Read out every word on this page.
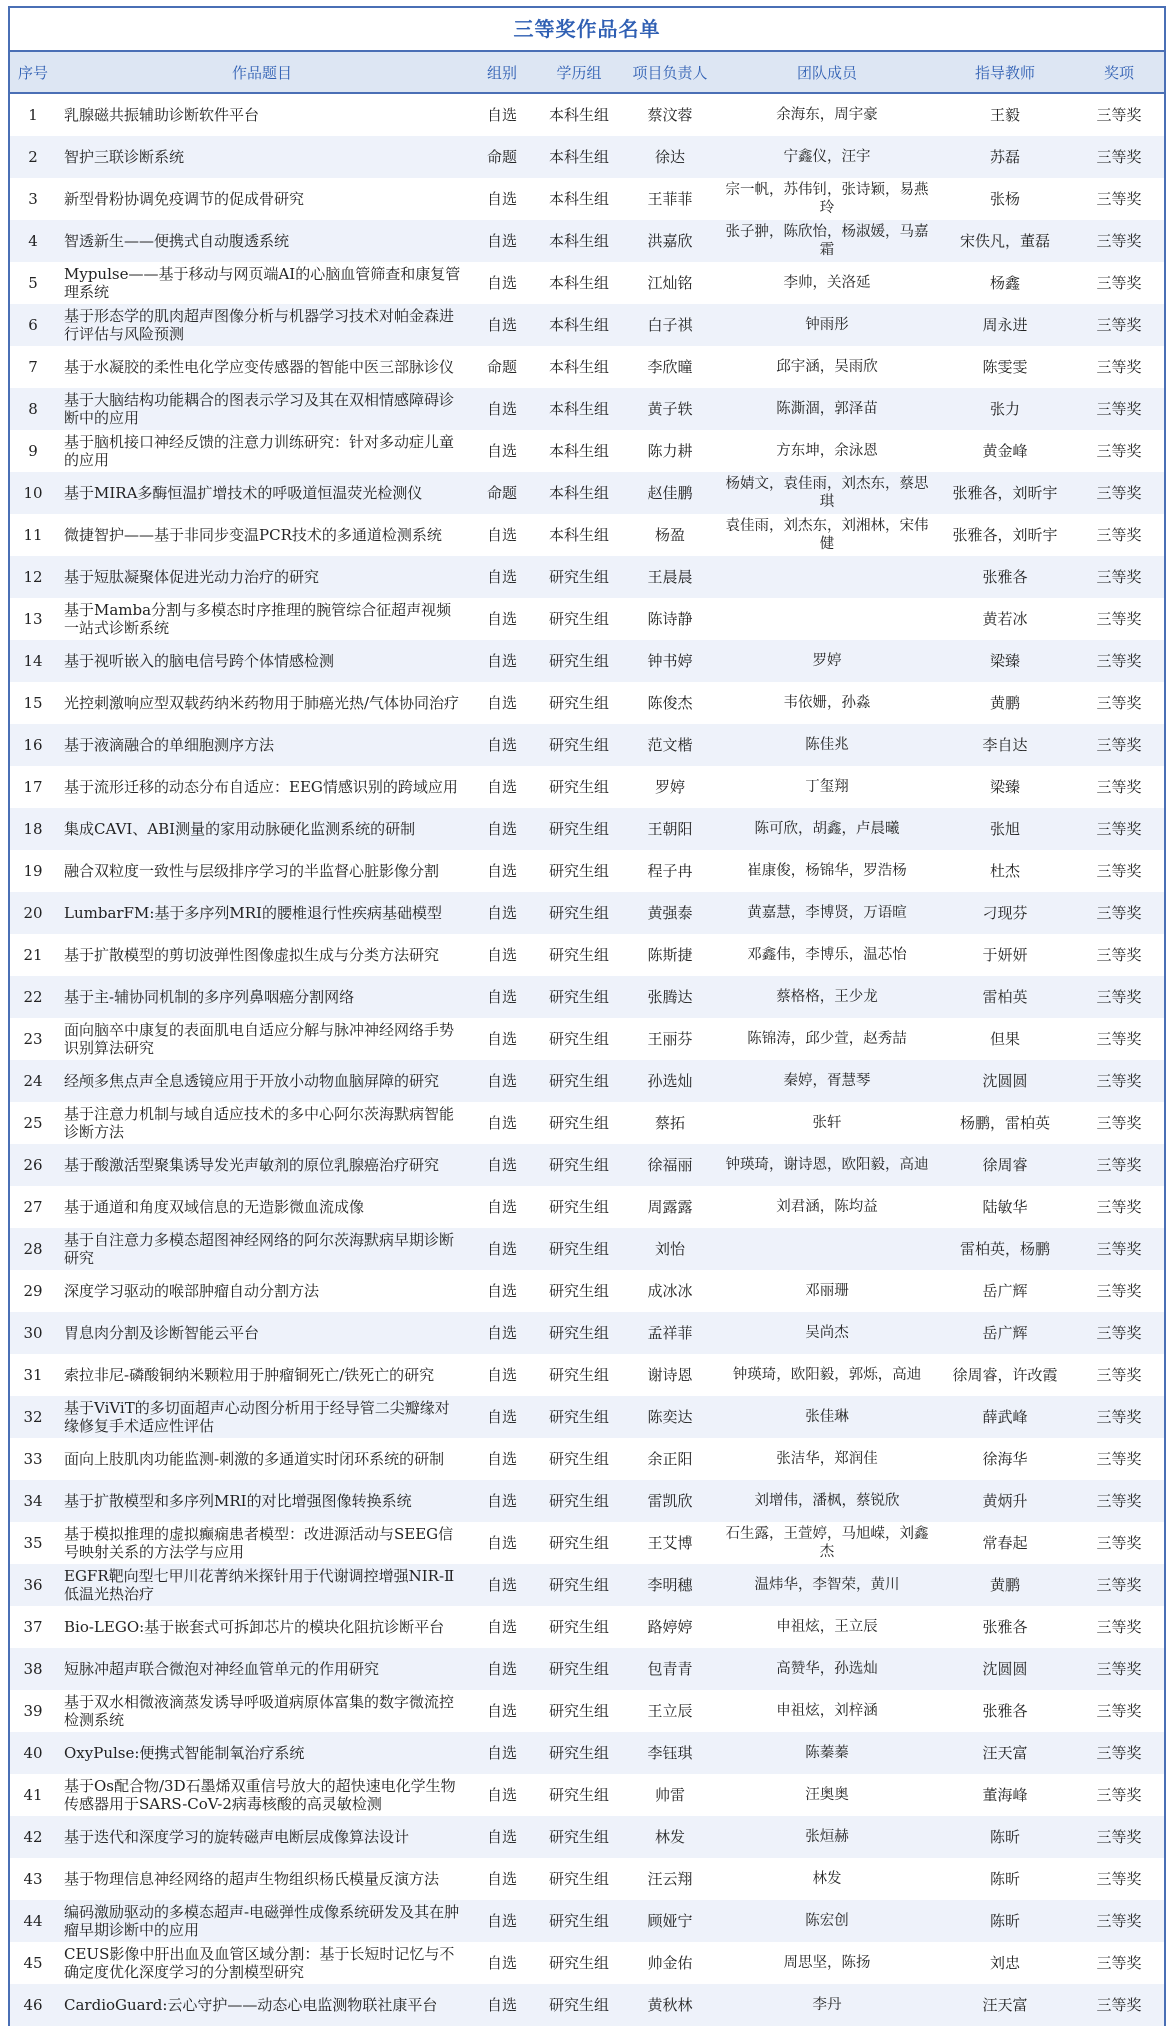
三等奖作品名单
序号	作品题目	组别	学历组	项目负责人	团队成员	指导教师	奖项
1	乳腺磁共振辅助诊断软件平台	自选	本科生组	蔡汶蓉	余海东，周宇豪	王毅	三等奖
2	智护三联诊断系统	命题	本科生组	徐达	宁鑫仪，汪宇	苏磊	三等奖
3	新型骨粉协调免疫调节的促成骨研究	自选	本科生组	王菲菲	宗一帆，苏伟钊，张诗颖，易燕玲	张杨	三等奖
4	智透新生——便携式自动腹透系统	自选	本科生组	洪嘉欣	张子翀，陈欣怡，杨淑媛，马嘉霜	宋佚凡，董磊	三等奖
5	Mypulse——基于移动与网页端AI的心脑血管筛查和康复管理系统	自选	本科生组	江灿铭	李帅，关洛延	杨鑫	三等奖
6	基于形态学的肌肉超声图像分析与机器学习技术对帕金森进行评估与风险预测	自选	本科生组	白子祺	钟雨彤	周永进	三等奖
7	基于水凝胶的柔性电化学应变传感器的智能中医三部脉诊仪	命题	本科生组	李欣曈	邱宇涵，吴雨欣	陈雯雯	三等奖
8	基于大脑结构功能耦合的图表示学习及其在双相情感障碍诊断中的应用	自选	本科生组	黄子轶	陈澌涸，郭泽苗	张力	三等奖
9	基于脑机接口神经反馈的注意力训练研究：针对多动症儿童的应用	自选	本科生组	陈力耕	方东坤，余泳恩	黄金峰	三等奖
10	基于MIRA多酶恒温扩增技术的呼吸道恒温荧光检测仪	命题	本科生组	赵佳鹏	杨婧文，袁佳雨，刘杰东，蔡思琪	张雅各，刘昕宇	三等奖
11	微捷智护——基于非同步变温PCR技术的多通道检测系统	自选	本科生组	杨盈	袁佳雨，刘杰东，刘湘林，宋伟健	张雅各，刘昕宇	三等奖
12	基于短肽凝聚体促进光动力治疗的研究	自选	研究生组	王晨晨		张雅各	三等奖
13	基于Mamba分割与多模态时序推理的腕管综合征超声视频一站式诊断系统	自选	研究生组	陈诗静		黄若冰	三等奖
14	基于视听嵌入的脑电信号跨个体情感检测	自选	研究生组	钟书婷	罗婷	梁臻	三等奖
15	光控刺激响应型双载药纳米药物用于肺癌光热/气体协同治疗	自选	研究生组	陈俊杰	韦依姗，孙淼	黄鹏	三等奖
16	基于液滴融合的单细胞测序方法	自选	研究生组	范文楷	陈佳兆	李自达	三等奖
17	基于流形迁移的动态分布自适应：EEG情感识别的跨域应用	自选	研究生组	罗婷	丁玺翔	梁臻	三等奖
18	集成CAVI、ABI测量的家用动脉硬化监测系统的研制	自选	研究生组	王朝阳	陈可欣，胡鑫，卢晨曦	张旭	三等奖
19	融合双粒度一致性与层级排序学习的半监督心脏影像分割	自选	研究生组	程子冉	崔康俊，杨锦华，罗浩杨	杜杰	三等奖
20	LumbarFM:基于多序列MRI的腰椎退行性疾病基础模型	自选	研究生组	黄强泰	黄嘉慧，李博贤，万语暄	刁现芬	三等奖
21	基于扩散模型的剪切波弹性图像虚拟生成与分类方法研究	自选	研究生组	陈斯捷	邓鑫伟，李博乐，温芯怡	于妍妍	三等奖
22	基于主-辅协同机制的多序列鼻咽癌分割网络	自选	研究生组	张腾达	蔡格格，王少龙	雷柏英	三等奖
23	面向脑卒中康复的表面肌电自适应分解与脉冲神经网络手势识别算法研究	自选	研究生组	王丽芬	陈锦涛，邱少萱，赵秀喆	但果	三等奖
24	经颅多焦点声全息透镜应用于开放小动物血脑屏障的研究	自选	研究生组	孙选灿	秦婷，胥慧琴	沈圆圆	三等奖
25	基于注意力机制与域自适应技术的多中心阿尔茨海默病智能诊断方法	自选	研究生组	蔡拓	张轩	杨鹏，雷柏英	三等奖
26	基于酸激活型聚集诱导发光声敏剂的原位乳腺癌治疗研究	自选	研究生组	徐福丽	钟瑛琦，谢诗恩，欧阳毅，高迪	徐周睿	三等奖
27	基于通道和角度双域信息的无造影微血流成像	自选	研究生组	周露露	刘君涵，陈均益	陆敏华	三等奖
28	基于自注意力多模态超图神经网络的阿尔茨海默病早期诊断研究	自选	研究生组	刘怡		雷柏英，杨鹏	三等奖
29	深度学习驱动的喉部肿瘤自动分割方法	自选	研究生组	成冰冰	邓丽珊	岳广辉	三等奖
30	胃息肉分割及诊断智能云平台	自选	研究生组	孟祥菲	吴尚杰	岳广辉	三等奖
31	索拉非尼-磷酸铜纳米颗粒用于肿瘤铜死亡/铁死亡的研究	自选	研究生组	谢诗恩	钟瑛琦，欧阳毅，郭烁，高迪	徐周睿，许改霞	三等奖
32	基于ViViT的多切面超声心动图分析用于经导管二尖瓣缘对缘修复手术适应性评估	自选	研究生组	陈奕达	张佳琳	薛武峰	三等奖
33	面向上肢肌肉功能监测-刺激的多通道实时闭环系统的研制	自选	研究生组	余正阳	张洁华，郑润佳	徐海华	三等奖
34	基于扩散模型和多序列MRI的对比增强图像转换系统	自选	研究生组	雷凯欣	刘增伟，潘枫，蔡锐欣	黄炳升	三等奖
35	基于模拟推理的虚拟癫痫患者模型：改进源活动与SEEG信号映射关系的方法学与应用	自选	研究生组	王艾博	石生露，王萱婷，马旭嵘，刘鑫杰	常春起	三等奖
36	EGFR靶向型七甲川花菁纳米探针用于代谢调控增强NIR-Ⅱ低温光热治疗	自选	研究生组	李明穗	温炜华，李智荣，黄川	黄鹏	三等奖
37	Bio-LEGO:基于嵌套式可拆卸芯片的模块化阻抗诊断平台	自选	研究生组	路婷婷	申祖炫，王立辰	张雅各	三等奖
38	短脉冲超声联合微泡对神经血管单元的作用研究	自选	研究生组	包青青	高赞华，孙选灿	沈圆圆	三等奖
39	基于双水相微液滴蒸发诱导呼吸道病原体富集的数字微流控检测系统	自选	研究生组	王立辰	申祖炫，刘梓涵	张雅各	三等奖
40	OxyPulse:便携式智能制氧治疗系统	自选	研究生组	李钰琪	陈蓁蓁	汪天富	三等奖
41	基于Os配合物/3D石墨烯双重信号放大的超快速电化学生物传感器用于SARS-CoV-2病毒核酸的高灵敏检测	自选	研究生组	帅雷	汪奥奥	董海峰	三等奖
42	基于迭代和深度学习的旋转磁声电断层成像算法设计	自选	研究生组	林发	张烜赫	陈昕	三等奖
43	基于物理信息神经网络的超声生物组织杨氏模量反演方法	自选	研究生组	汪云翔	林发	陈昕	三等奖
44	编码激励驱动的多模态超声-电磁弹性成像系统研发及其在肿瘤早期诊断中的应用	自选	研究生组	顾娅宁	陈宏创	陈昕	三等奖
45	CEUS影像中肝出血及血管区域分割：基于长短时记忆与不确定度优化深度学习的分割模型研究	自选	研究生组	帅金佑	周思坚，陈扬	刘忠	三等奖
46	CardioGuard:云心守护——动态心电监测物联社康平台	自选	研究生组	黄秋林	李丹	汪天富	三等奖
